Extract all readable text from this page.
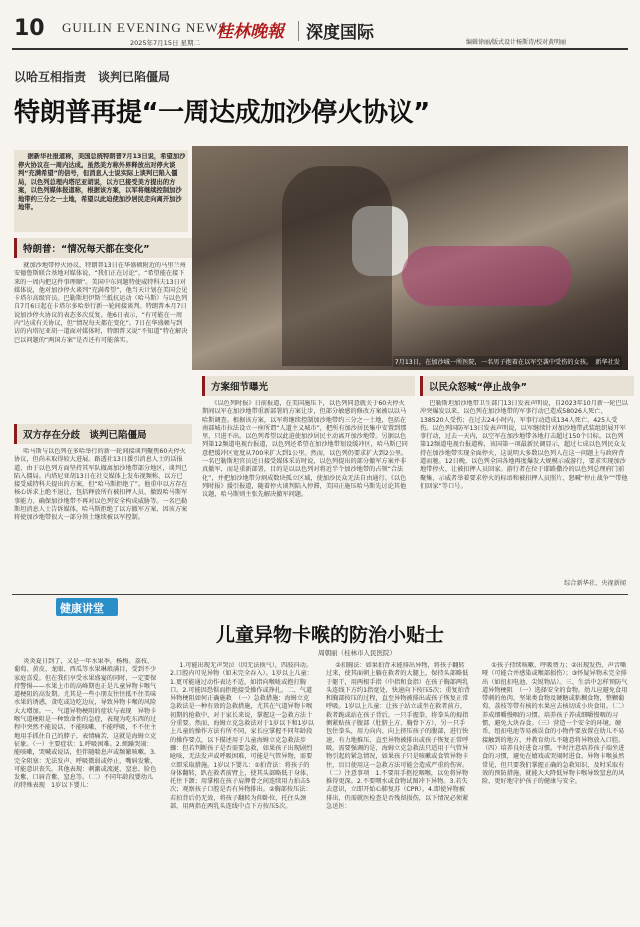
10 GUILIN EVENING NEWS
2025年7月15日 星期二
桂林晚報 深度国际	编辑徐丽/版式设计杨斯诗/校对黄明丽
以哈互相指责　谈判已陷僵局
特朗普再提“一周达成加沙停火协议”
7月13日，在加沙城一所医院，一名男子抱着在以军空袭中受伤的女孩。　新华社发

据新华社报道称，美国总统特朗普7月13日说，希望加沙停火协议在一周内达成。虽然美方称外界释放出对停火谈判“充满希望”的信号，但消息人士说实际上谈判已陷入僵局，以色列总理内塔尼亚胡说，以方已接受美方提出的方案，以色列媒体报道称，根据该方案，以军将继续控制加沙地带约三分之一土地，希望以此迫使加沙居民走向离开加沙地带。

特朗普：“情况每天都在变化”

就加沙地带停火协议，特朗普13日在华盛顿附近的马里兰州安德鲁斯联合基地对媒体说，“我们正在讨论”，“希望能在接下来的一周内把这件事理顺”。美国中东问题特使威特科夫13日对媒体说，他对加沙停火谈判“充满希望”，他当天计划在美国会见卡塔尔高级官员。巴勒斯坦伊斯兰抵抗运动（哈马斯）与以色列自7月6日起在卡塔尔多哈举行新一轮间接谈判。特朗普本月7日说加沙停火协议的表态多次反复。他6日表示，“有可能在一周内”达成有关协议，但“情况每天都在变化”。7日在华盛顿与到访的内塔尼亚胡一道面对媒体时，特朗普又说“不知道”特在解决巴以问题的“两国方案”是否还有可能落实。

双方存在分歧　谈判已陷僵局

哈马斯与以色列在多哈举行的新一轮间接谈判聚焦60天停火协议，但尚未取得较大进展。路透社13日援引消息人士的话报道，由于以色列方面坚持其军队撤离加沙地带部分地区，谈判已陷入僵局。内塔尼亚胡13日在社交媒体上发布视频称，以方已接受威特科夫提出的方案，但“哈马斯拒绝了”。他重申以方存在核心诉求上绝不退让，包括释放所有被扣押人员、撤毁哈马斯军事能力、确保加沙地带不再对以色列安全构成威胁等。一名巴勒斯坦消息人士告诉媒体，哈马斯拒绝了以方撤军方案，因该方案将使加沙地带很大一部分领土继续被以军控制。

方案细节曝光

《以色列时报》日前报道，在美国施压下，以色列同意就关于60天停火期间以军在加沙地带重新部署的方案让步，但部分敏感的修改方案被以以马哈斯调查。根据该方案，以军将继续控制加沙地带约三分之一土地，包括在南部城市拉法设立一座所谓“人道主义城市”，把所有加沙居民集中安置到那里，只进不出。以色列希望以此迫使加沙居民主动离开加沙地带。另据以色列第12频道电视台报道，以色列还希望在加沙地带划设缓冲区，哈马斯已同意把缓冲区宽度从700米扩大到1公里。然而，以色列仍要求扩大到2公里。一名巴勒斯坦官员近日接受媒体采访时说，以色列提出的部分撤军方案并非真撤军，而是重新部署，目的是以以色列对将近半个加沙地带的占领“合法化”，并把加沙地带分割成数块孤立区域，使加沙民众无法自由通行。《以色列时报》援引报道，随着停火谈判陷入停滞，美国正施压哈马斯先讨论其他议题，哈马斯则主张先解决撤军问题。

以民众怒喊“停止战争”

巴勒斯坦加沙地带卫生部门13日发表声明说，自2023年10月新一轮巴以冲突爆发以来，以色列在加沙地带的军事行动已造成58026人死亡、138520人受伤；在过去24小时内，军事行动造成134人死亡、425人受伤。以色列国防军13日发表声明说，以军继续针对加沙地带武装组织展开军事行动，过去一天内，以空军在加沙地带各地打击超过150个目标。以色列第12频道电视台报道称，该国第一项最新民调显示，超过七成以色列民众支持在加沙地带实现全面停火，这说明大多数以色列人在这一问题上与政府背道而驰。12日晚，以色列全国各地再度爆发大规模示威游行，要求实现加沙地带停火、让被扣押人员回家。游行者在位于耶路撒冷的以色列总理府门前聚集，示威者举着要求停火的标语和被扣押人员照片，怒喊“停止战争”“带他们回家”等口号。

综合新华社、央视新闻
健康讲堂
儿童异物卡喉的防治小贴士
周朝丽（桂林市人民医院）

炎炎夏日到了，又是一年水果季，杨梅、荔枝、葡萄、黄皮、龙眼、西瓜等水果琳琅满目，受到不少家庭喜爱。但在我们享受水果盛宴的同时，一定要保持警惕——水果上市的高峰期也正是儿童异物卡喉气道梗阻的高发期。尤其是一些小朋友往往抵不住美味水果的诱惑，贪吃或边吃边玩，导致异物卡喉的风险大大增加。一、气道异物梗阻的症状与表现　异物卡喉气道梗阻是一种致命性的急症，表现为吃东西的过程中突然不能说话、不能咳嗽、不能呼吸，不不住主地用手抓住自己的脖子，表情痛苦，这就是海姆立克征象。（一）主要症状：1.呼吸困难。2.烦躁哭闹：能咳嗽，哭喊或说话，但伴随喘息声或频繁咳嗽。3.完全阻塞：无法发声、呼吸微弱或停止，嘴唇发紫，可能意识丧失。其他表现：刺激或流涎、窒息、脸色发紫、口唇青紫、窒息等。（二）不同年龄段婴幼儿的特殊表现　1岁以下婴儿：

1.可能出现无声哭泣（因无法换气），四肢抖动。2.口腔内可见异物（如未完全吞入）。1岁以上儿童：1.更可能通过动作表达不适，如指向喉咙或抱打胸口。2.可能因恐惧而拒绝接受操作或挣扎。二、气道异物梗阻如何正确施救　（一）急救措施：海姆立克急救法是一种有效的急救措施，尤其在气道异物卡喉初期的抢救中，对于家长来说，掌握这一急救方法十分重要。然而，海姆立克急救法对于1岁以下和1岁以上儿童的操作方法有所不同，家长应掌握不同年龄段的操作要点，以下描述用于儿童海姆立克急救法步骤：但若判断孩子是否需要急救，如果孩子出现剧烈呛咳，无法发声或呼吸困难，可能是气管异物，需要立即采取措施。1岁以下婴儿：①拍背法：将孩子的身体翻转，趴在救者前臂上，使其头部略低于身体，托住下颌；用掌根在孩子肩胛骨之间连续用力拍击5次；观察孩子口腔是否有异物排出。②胸部按压法：若拍背后仍无效，将孩子翻转为仰卧位，托住头颈部，用两指在两乳头连线中点下方按压5次。

②扣胸法：如果拍背未能排出异物，将孩子翻转过来，使其面朝上躺在救者的大腿上，保持头部略低于躯干，用两根手指（中指和食指）在孩子胸部两乳头连线下方约1指宽处，快速向下按压5次；重复拍背和胸部按压的过程，直至异物被排出或孩子恢复正常呼吸。1岁以上儿童：让孩子站立或坐在救者前方，救者跪或站在孩子背后，一只手握拳，将拳头的拇指侧紧贴孩子腹部（肚脐上方、胸骨下方），另一只手包住拳头，用力向内、向上挤压孩子的腹部，进行快速、有力地推压，直至异物被排出或孩子恢复正常呼吸。需要强调的是，海姆立克急救法只适用于气管异物引起的紧急情况，如果孩子只是咳嗽或食管异物卡住，盲目使用这一急救方法可能会造成严重的伤害。（二）注意事项　1.不要用手抠挖咽喉，以免将异物推得更深。2.不要喂水或食物试图冲下异物。3.若失去意识，立即开始心肺复苏（CPR）。4.即使异物被排出，仍需就医检查是否残留损伤，以下情况必须紧急送医：

①孩子持续咳嗽、呼吸费力；②出现发热、声音嘶哑（可能合并感染或喉部损伤）；③怀疑异物未完全排出（如扭扣电池、尖锐物品）。三、生活中怎样预防气道异物梗阻　（一）选择安全的食物。幼儿应避免食用带刺的鱼肉、坚果类食物及硬糖或粘稠食物，整颗葡萄、荔枝等带有核的水果应去核切成小块食用。（二）养成细嚼慢咽的习惯。培养孩子养成细嚼慢咽的习惯，避免大块吞食。（三）营造一个安全的环境。硬币、纽扣电池等易被误食的小物件要放置在幼儿不易接触到的地方，并教育幼儿不随意将异物放入口腔。（四）培养良好进食习惯。平时注意培养孩子端坐进食的习惯，避免在嬉戏或哭闹时进食。异物卡喉虽然常见，但只要我们掌握正确的急救知识，及时采取有效的预防措施，就能大大降低异物卡喉导致窒息的风险，更好地守护孩子的健康与安全。
